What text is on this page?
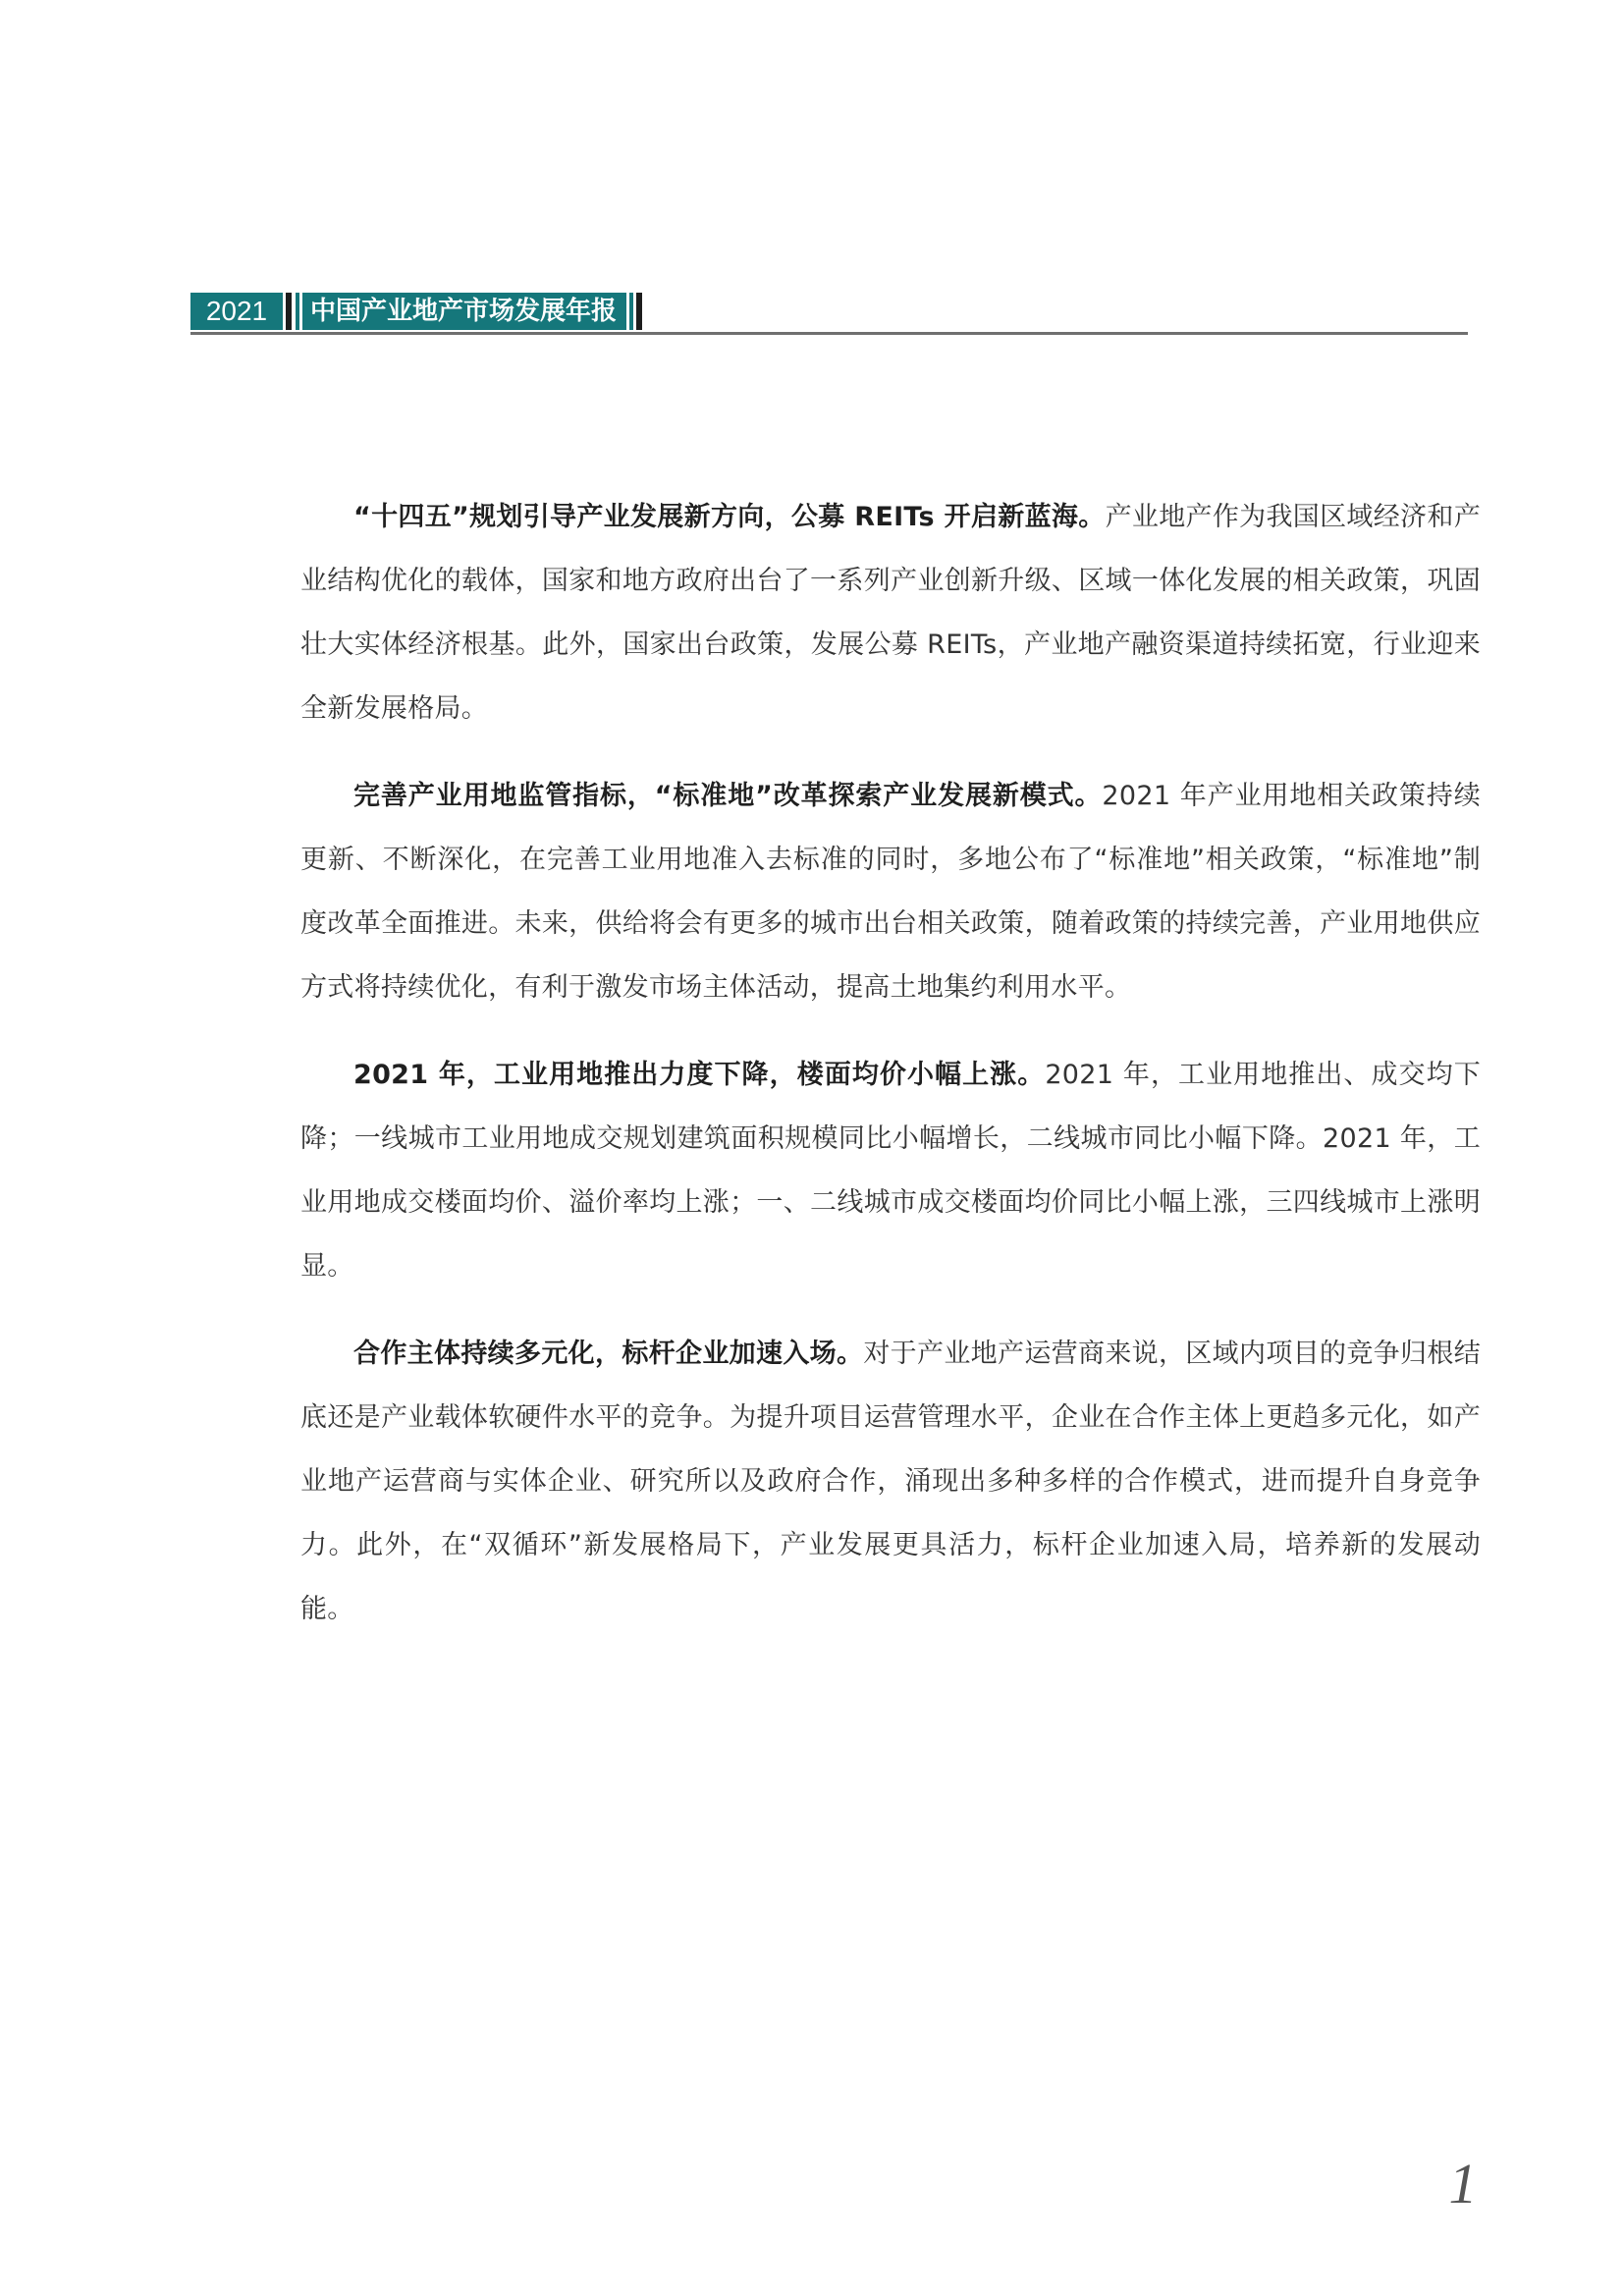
2021	中国产业地产市场发展年报

“十四五”规划引导产业发展新方向，公募 REITs 开启新蓝海。产业地产作为我国区域经济和产业结构优化的载体，国家和地方政府出台了一系列产业创新升级、区域一体化发展的相关政策，巩固壮大实体经济根基。此外，国家出台政策，发展公募 REITs，产业地产融资渠道持续拓宽，行业迎来全新发展格局。

完善产业用地监管指标，“标准地”改革探索产业发展新模式。2021 年产业用地相关政策持续更新、不断深化，在完善工业用地准入去标准的同时，多地公布了“标准地”相关政策，“标准地”制度改革全面推进。未来，供给将会有更多的城市出台相关政策，随着政策的持续完善，产业用地供应方式将持续优化，有利于激发市场主体活动，提高土地集约利用水平。

2021 年，工业用地推出力度下降，楼面均价小幅上涨。2021 年，工业用地推出、成交均下降；一线城市工业用地成交规划建筑面积规模同比小幅增长，二线城市同比小幅下降。2021 年，工业用地成交楼面均价、溢价率均上涨；一、二线城市成交楼面均价同比小幅上涨，三四线城市上涨明显。

合作主体持续多元化，标杆企业加速入场。对于产业地产运营商来说，区域内项目的竞争归根结底还是产业载体软硬件水平的竞争。为提升项目运营管理水平，企业在合作主体上更趋多元化，如产业地产运营商与实体企业、研究所以及政府合作，涌现出多种多样的合作模式，进而提升自身竞争力。此外，在“双循环”新发展格局下，产业发展更具活力，标杆企业加速入局，培养新的发展动能。

1
